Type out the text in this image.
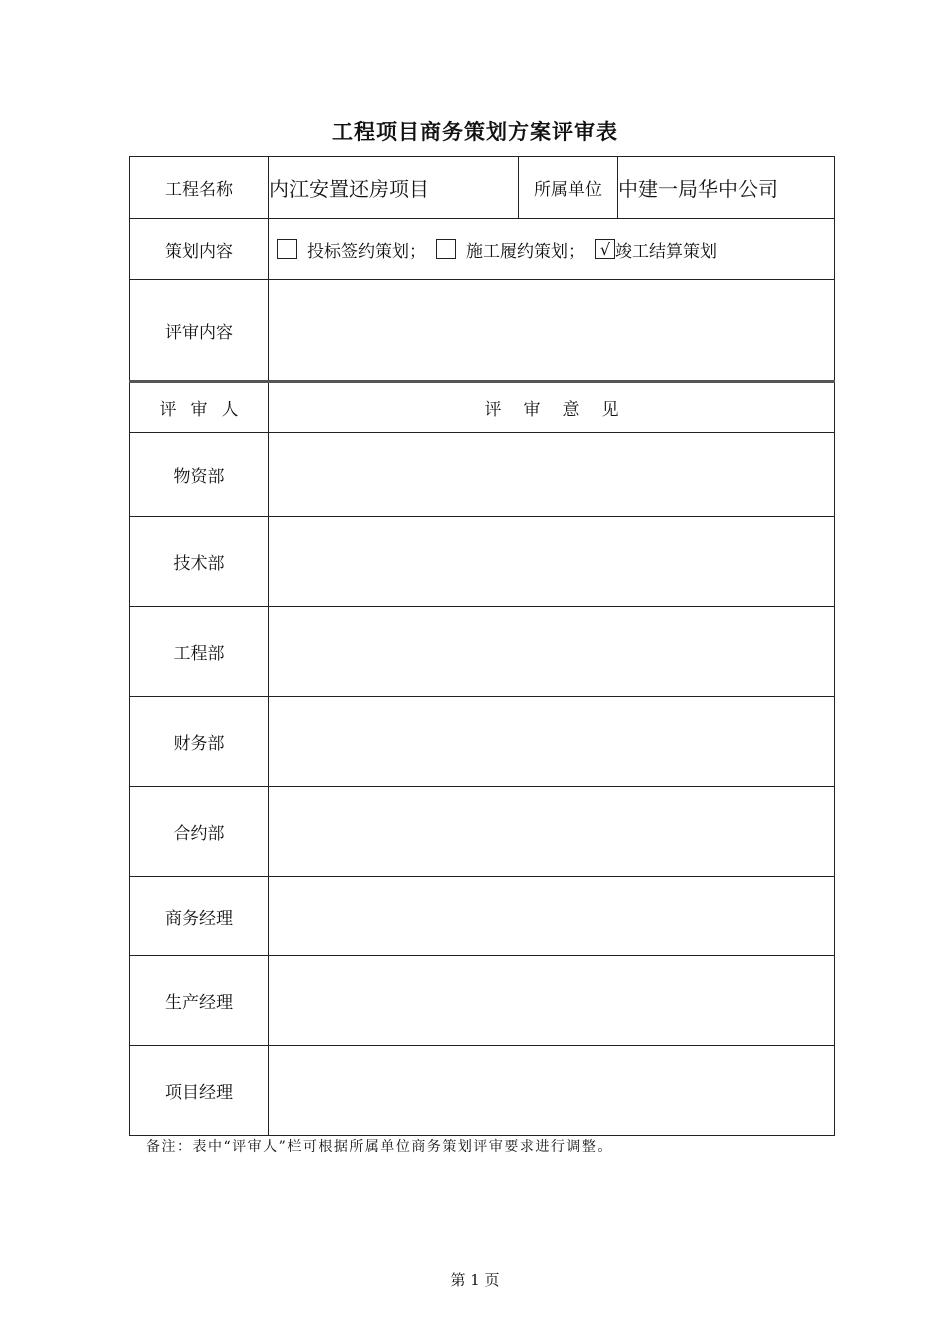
工程项目商务策划方案评审表
工程名称	内江安置还房项目	所属单位	中建一局华中公司
策划内容	投标签约策划； 施工履约策划； √ 竣工结算策划		

评审内容			
评审人	评审意见		
物资部			
技术部			
工程部			
财务部			
合约部			
商务经理			
生产经理			
项目经理			
备注：表中“评审人”栏可根据所属单位商务策划评审要求进行调整。
第 1 页
